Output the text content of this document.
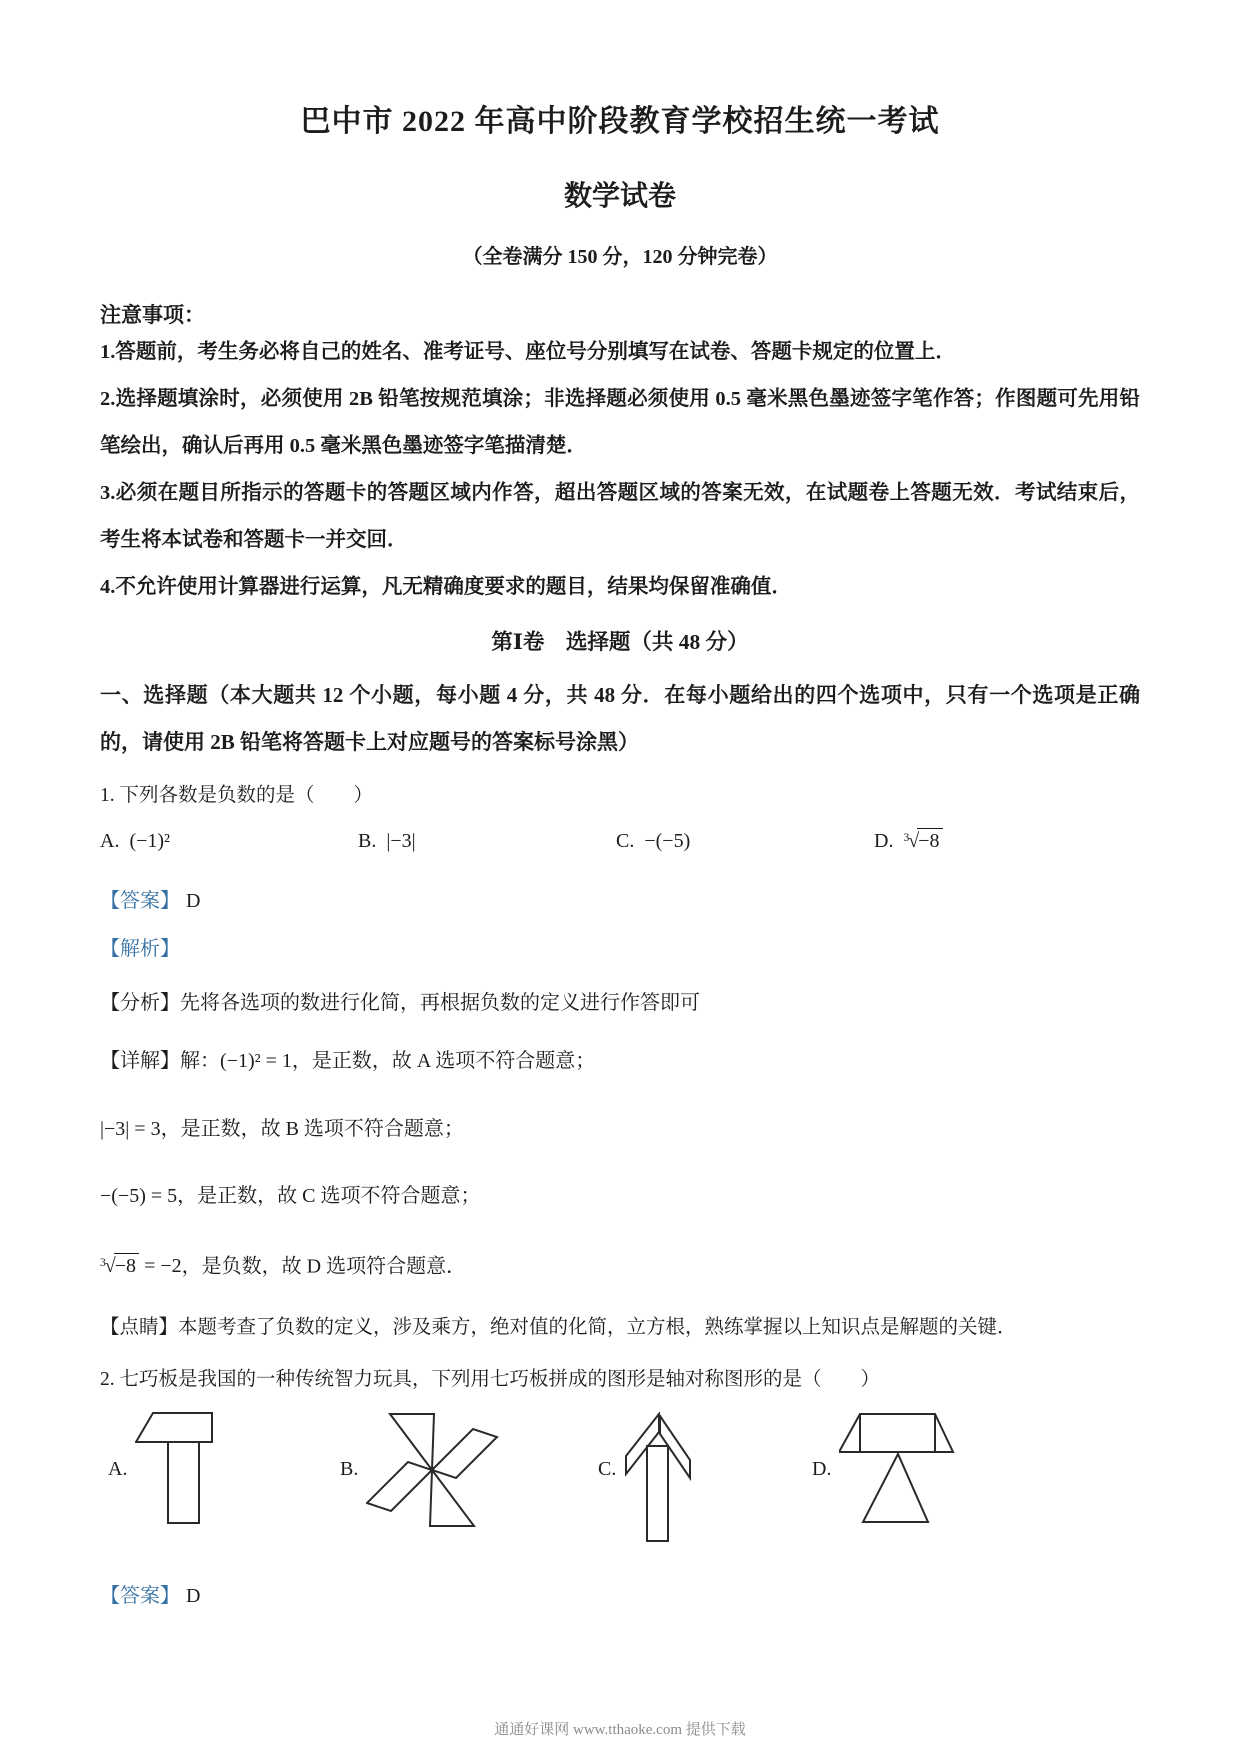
巴中市 2022 年高中阶段教育学校招生统一考试
数学试卷
（全卷满分 150 分，120 分钟完卷）
注意事项：

1.答题前，考生务必将自己的姓名、准考证号、座位号分别填写在试卷、答题卡规定的位置上．

2.选择题填涂时，必须使用 2B 铅笔按规范填涂；非选择题必须使用 0.5 毫米黑色墨迹签字笔作答；作图题可先用铅笔绘出，确认后再用 0.5 毫米黑色墨迹签字笔描清楚．

3.必须在题目所指示的答题卡的答题区域内作答，超出答题区域的答案无效，在试题卷上答题无效．考试结束后，考生将本试卷和答题卡一并交回．

4.不允许使用计算器进行运算，凡无精确度要求的题目，结果均保留准确值．

第Ⅰ卷　选择题（共 48 分）
一、选择题（本大题共 12 个小题，每小题 4 分，共 48 分．在每小题给出的四个选项中，只有一个选项是正确的，请使用 2B 铅笔将答题卡上对应题号的答案标号涂黑）
1. 下列各数是负数的是（　　）
A. (−1)²	B. |−3|	C. −(−5)	D. $^3$√−8
【答案】 D
【解析】
【分析】先将各选项的数进行化简，再根据负数的定义进行作答即可
【详解】解：(−1)² = 1，是正数，故 A 选项不符合题意；
|−3| = 3，是正数，故 B 选项不符合题意；
−(−5) = 5，是正数，故 C 选项不符合题意；
$^3$√−8 = −2，是负数，故 D 选项符合题意．
【点睛】本题考查了负数的定义，涉及乘方，绝对值的化简，立方根，熟练掌握以上知识点是解题的关键．
2. 七巧板是我国的一种传统智力玩具，下列用七巧板拼成的图形是轴对称图形的是（　　）
A.	B.	C.	D.
【答案】 D
通通好课网 www.tthaoke.com 提供下载
